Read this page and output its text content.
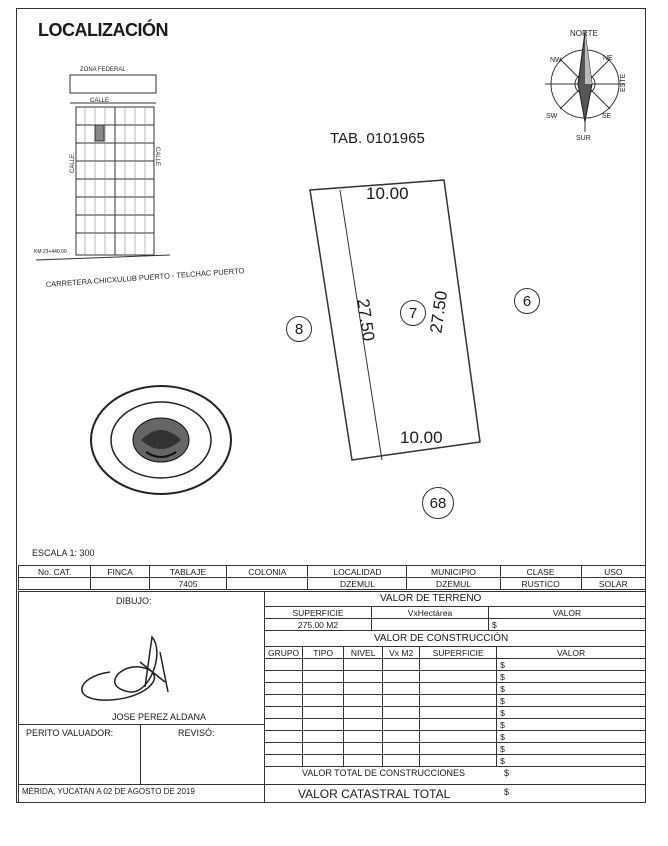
LOCALIZACIÓN
TAB. 0101965
ZONA FEDERAL
CALLE
CALLE	CALLE
KM 23+440.00
CARRETERA CHICXULUB PUERTO - TELCHAC PUERTO
NORTE
SUR
ESTE
NE
NW
SE
SW
10.00
10.00
27.50	27.50
7
8
6
68
ESCALA 1: 300
No. CAT.	FINCA	TABLAJE	COLONIA	LOCALIDAD	MUNICIPIO	CLASE	USO
		7405		DZEMUL	DZEMUL	RUSTICO	SOLAR
DIBUJO:
JOSE PEREZ ALDANA
PERITO VALUADOR:	REVISÓ:
MÉRIDA, YUCATAN A 02 DE AGOSTO DE 2019
VALOR DE TERRENO
SUPERFICIE	VxHectárea	VALOR
275.00 M2		$
VALOR DE CONSTRUCCIÓN
GRUPO	TIPO	NIVEL	Vx M2	SUPERFICIE	VALOR
					$
					$
					$
					$
					$
					$
					$
					$
					$
VALOR TOTAL DE CONSTRUCCIONES	$
VALOR CATASTRAL TOTAL	$
